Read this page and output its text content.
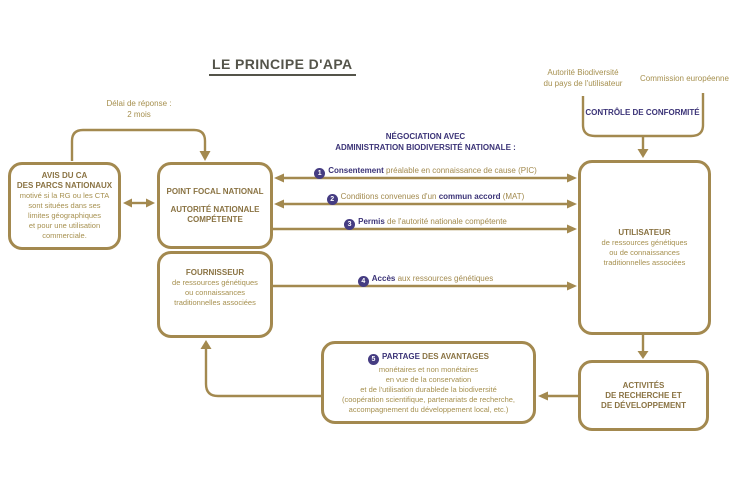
LE PRINCIPE D'APA
Délai de réponse :
2 mois
NÉGOCIATION AVEC
ADMINISTRATION BIODIVERSITÉ NATIONALE :
Autorité Biodiversité
du pays de l'utilisateur
Commission européenne
CONTRÔLE DE CONFORMITÉ
AVIS DU CA
DES PARCS NATIONAUX
motivé si la RG ou les CTA
sont situées dans ses
limites géographiques
et pour une utilisation
commerciale.
POINT FOCAL NATIONAL
AUTORITÉ NATIONALE
COMPÉTENTE
FOURNISSEUR
de ressources génétiques
ou connaissances
traditionnelles associées
UTILISATEUR
de ressources génétiques
ou de connaissances
traditionnelles associées
5 PARTAGE DES AVANTAGES
monétaires et non monétaires
en vue de la conservation
et de l'utilisation durablede la biodiversité
(coopération scientifique, partenariats de recherche,
accompagnement du développement local, etc.)
ACTIVITÉS
DE RECHERCHE ET
DE DÉVELOPPEMENT
1 Consentement préalable en connaissance de cause (PIC)
2 Conditions convenues d'un commun accord (MAT)
3 Permis de l'autorité nationale compétente
4 Accès aux ressources génétiques
